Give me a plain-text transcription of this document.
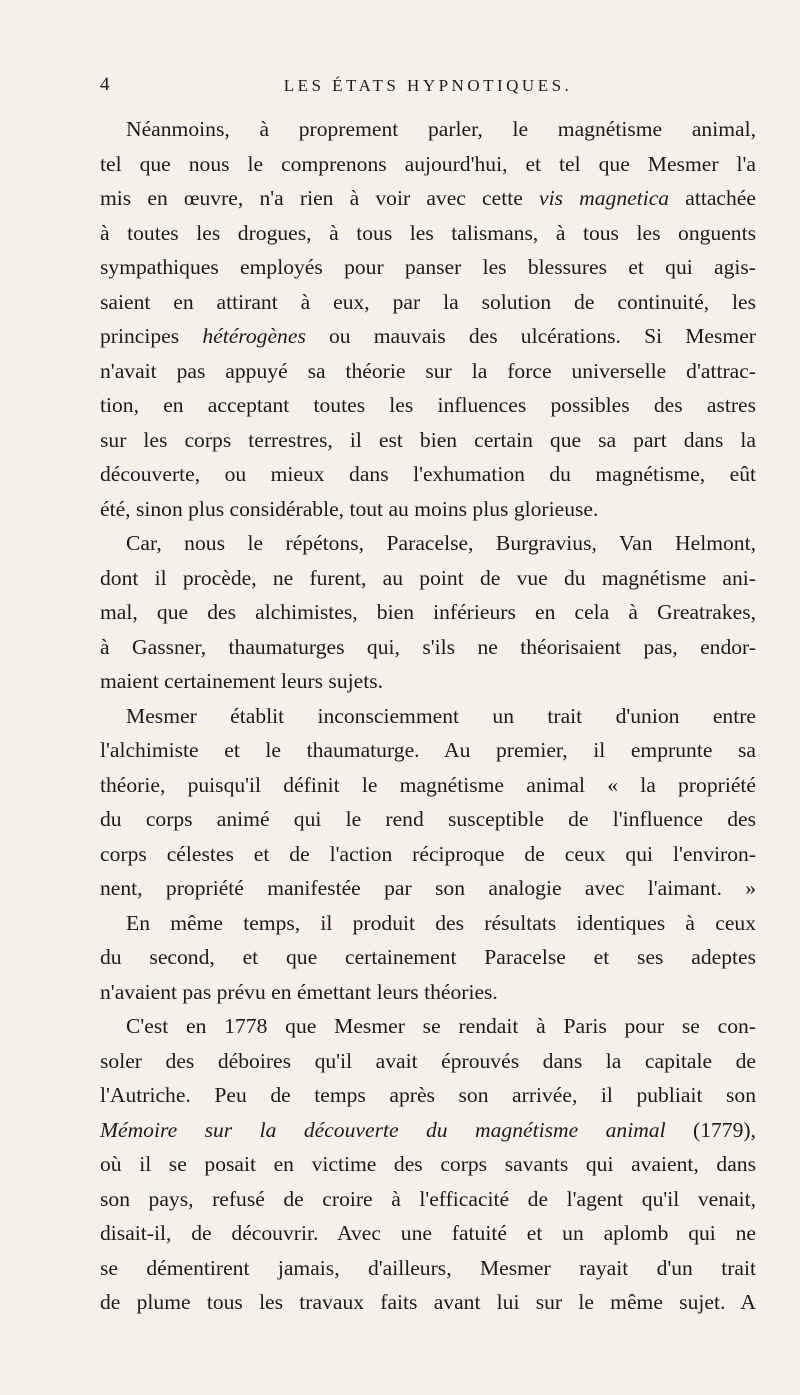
4	LES ÉTATS HYPNOTIQUES.
Néanmoins, à proprement parler, le magnétisme animal,
tel que nous le comprenons aujourd'hui, et tel que Mesmer l'a
mis en œuvre, n'a rien à voir avec cette vis magnetica attachée
à toutes les drogues, à tous les talismans, à tous les onguents
sympathiques employés pour panser les blessures et qui agis-
saient en attirant à eux, par la solution de continuité, les
principes hétérogènes ou mauvais des ulcérations. Si Mesmer
n'avait pas appuyé sa théorie sur la force universelle d'attrac-
tion, en acceptant toutes les influences possibles des astres
sur les corps terrestres, il est bien certain que sa part dans la
découverte, ou mieux dans l'exhumation du magnétisme, eût
été, sinon plus considérable, tout au moins plus glorieuse.
Car, nous le répétons, Paracelse, Burgravius, Van Helmont,
dont il procède, ne furent, au point de vue du magnétisme ani-
mal, que des alchimistes, bien inférieurs en cela à Greatrakes,
à Gassner, thaumaturges qui, s'ils ne théorisaient pas, endor-
maient certainement leurs sujets.
Mesmer établit inconsciemment un trait d'union entre
l'alchimiste et le thaumaturge. Au premier, il emprunte sa
théorie, puisqu'il définit le magnétisme animal « la propriété
du corps animé qui le rend susceptible de l'influence des
corps célestes et de l'action réciproque de ceux qui l'environ-
nent, propriété manifestée par son analogie avec l'aimant. »
En même temps, il produit des résultats identiques à ceux
du second, et que certainement Paracelse et ses adeptes
n'avaient pas prévu en émettant leurs théories.
C'est en 1778 que Mesmer se rendait à Paris pour se con-
soler des déboires qu'il avait éprouvés dans la capitale de
l'Autriche. Peu de temps après son arrivée, il publiait son
Mémoire sur la découverte du magnétisme animal (1779),
où il se posait en victime des corps savants qui avaient, dans
son pays, refusé de croire à l'efficacité de l'agent qu'il venait,
disait-il, de découvrir. Avec une fatuité et un aplomb qui ne
se démentirent jamais, d'ailleurs, Mesmer rayait d'un trait
de plume tous les travaux faits avant lui sur le même sujet. A
